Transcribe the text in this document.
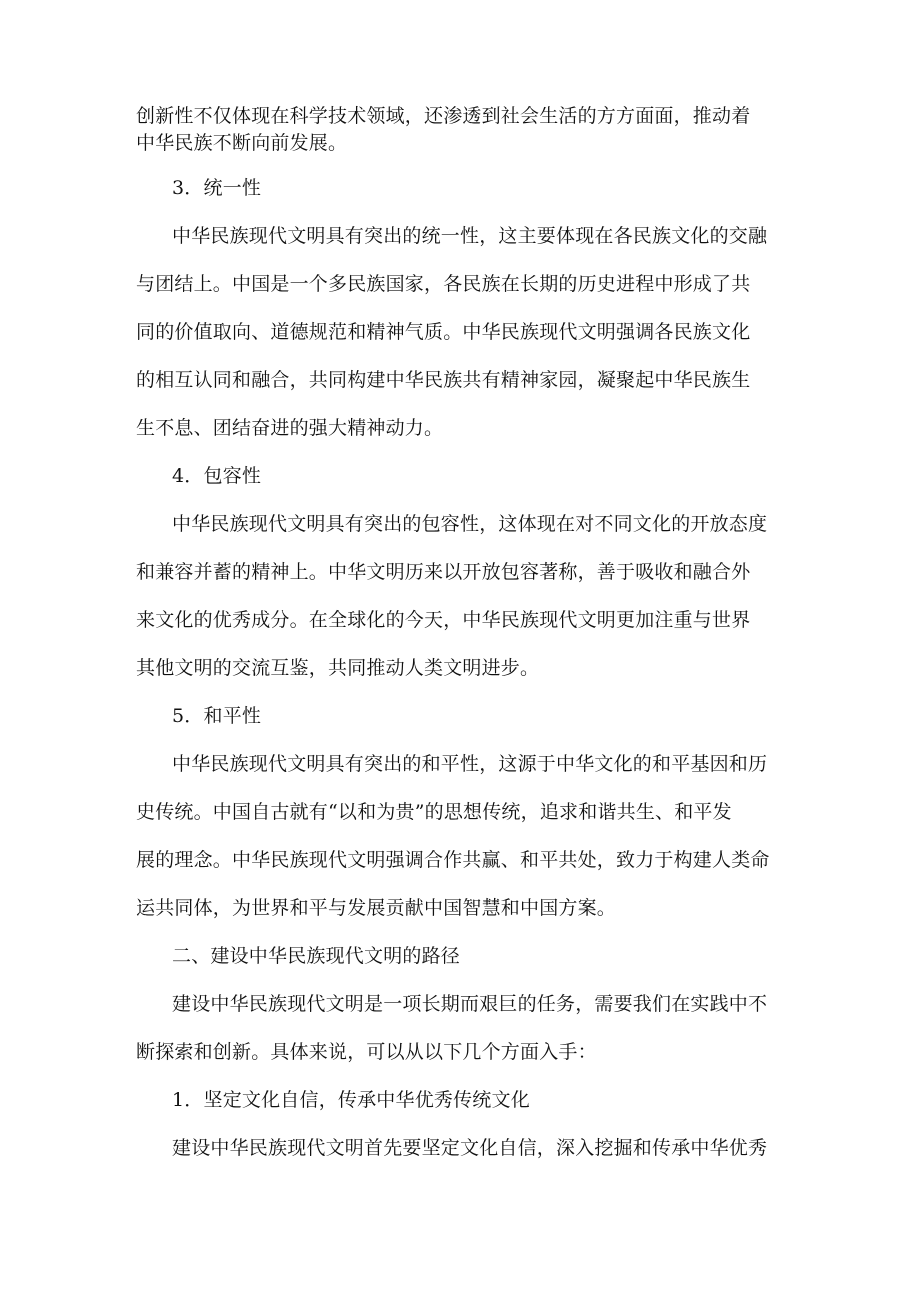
创新性不仅体现在科学技术领域，还渗透到社会生活的方方面面，推动着
中华民族不断向前发展。
3．统一性
中华民族现代文明具有突出的统一性，这主要体现在各民族文化的交融
与团结上。中国是一个多民族国家，各民族在长期的历史进程中形成了共
同的价值取向、道德规范和精神气质。中华民族现代文明强调各民族文化
的相互认同和融合，共同构建中华民族共有精神家园，凝聚起中华民族生
生不息、团结奋进的强大精神动力。
4．包容性
中华民族现代文明具有突出的包容性，这体现在对不同文化的开放态度
和兼容并蓄的精神上。中华文明历来以开放包容著称，善于吸收和融合外
来文化的优秀成分。在全球化的今天，中华民族现代文明更加注重与世界
其他文明的交流互鉴，共同推动人类文明进步。
5．和平性
中华民族现代文明具有突出的和平性，这源于中华文化的和平基因和历
史传统。中国自古就有“以和为贵”的思想传统，追求和谐共生、和平发
展的理念。中华民族现代文明强调合作共赢、和平共处，致力于构建人类命
运共同体，为世界和平与发展贡献中国智慧和中国方案。
二、建设中华民族现代文明的路径
建设中华民族现代文明是一项长期而艰巨的任务，需要我们在实践中不
断探索和创新。具体来说，可以从以下几个方面入手：
1．坚定文化自信，传承中华优秀传统文化
建设中华民族现代文明首先要坚定文化自信，深入挖掘和传承中华优秀
